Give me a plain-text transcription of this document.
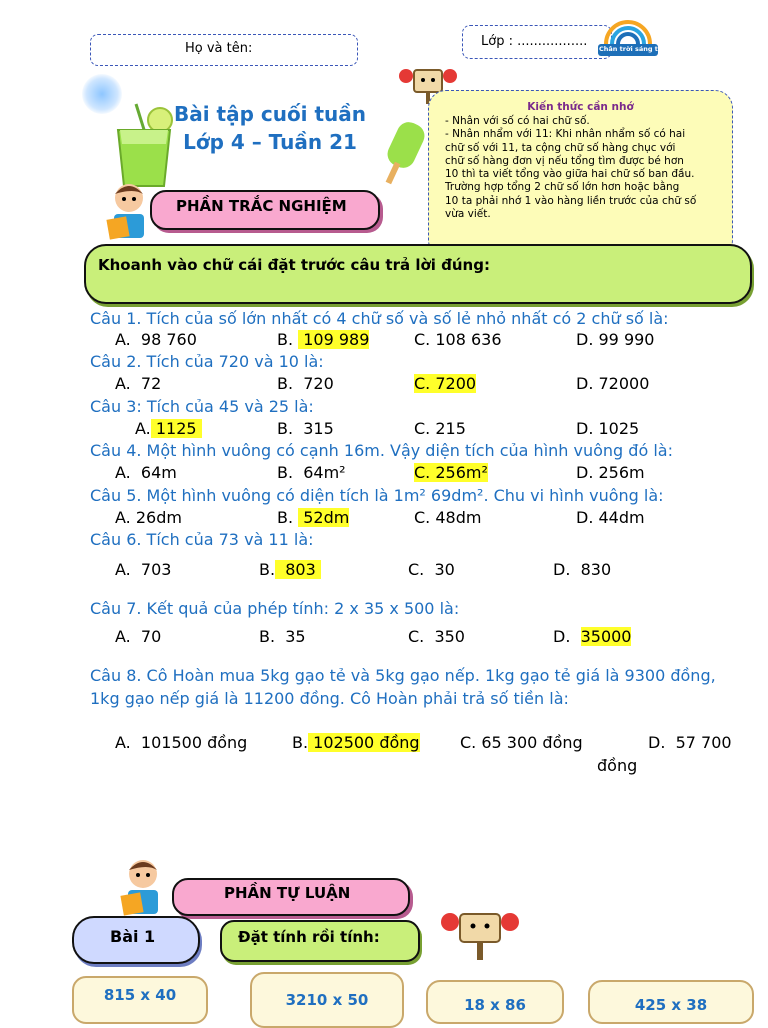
Họ và tên:	Lớp : ................. Chân trời sáng tạo
Bài tập cuối tuần
Lớp 4 – Tuần 21
Kiến thức cần nhớ
- Nhân với số có hai chữ số.
- Nhân nhẩm với 11: Khi nhân nhẩm số có hai
chữ số với 11, ta cộng chữ số hàng chục với
chữ số hàng đơn vị nếu tổng tìm được bé hơn
10 thì ta viết tổng vào giữa hai chữ số ban đầu.
Trường hợp tổng 2 chữ số lớn hơn hoặc bằng
10 ta phải nhớ 1 vào hàng liền trước của chữ số
vừa viết.
PHẦN TRẮC NGHIỆM
Khoanh vào chữ cái đặt trước câu trả lời đúng:
Câu 1. Tích của số lớn nhất có 4 chữ số và số lẻ nhỏ nhất có 2 chữ số là:
A. 98 760	B. 109 989	C. 108 636	D. 99 990
Câu 2. Tích của 720 và 10 là:
A. 72	B. 720	C. 7200	D. 72000
Câu 3: Tích của 45 và 25 là:
A. 1125	B. 315	C. 215	D. 1025
Câu 4. Một hình vuông có cạnh 16m. Vậy diện tích của hình vuông đó là:
A. 64m	B. 64m²	C. 256m²	D. 256m
Câu 5. Một hình vuông có diện tích là 1m² 69dm². Chu vi hình vuông là:
A. 26dm	B. 52dm	C. 48dm	D. 44dm
Câu 6. Tích của 73 và 11 là:
A. 703	B. 803	C. 30	D. 830
Câu 7. Kết quả của phép tính: 2 x 35 x 500 là:
A. 70	B. 35	C. 350	D. 35000
Câu 8. Cô Hoàn mua 5kg gạo tẻ và 5kg gạo nếp. 1kg gạo tẻ giá là 9300 đồng,
1kg gạo nếp giá là 11200 đồng. Cô Hoàn phải trả số tiền là:
A. 101500 đồng	B. 102500 đồng	C. 65 300 đồng	D. 57 700
đồng
PHẦN TỰ LUẬN
Bài 1	Đặt tính rồi tính:
815 x 40	3210 x 50	18 x 86	425 x 38
